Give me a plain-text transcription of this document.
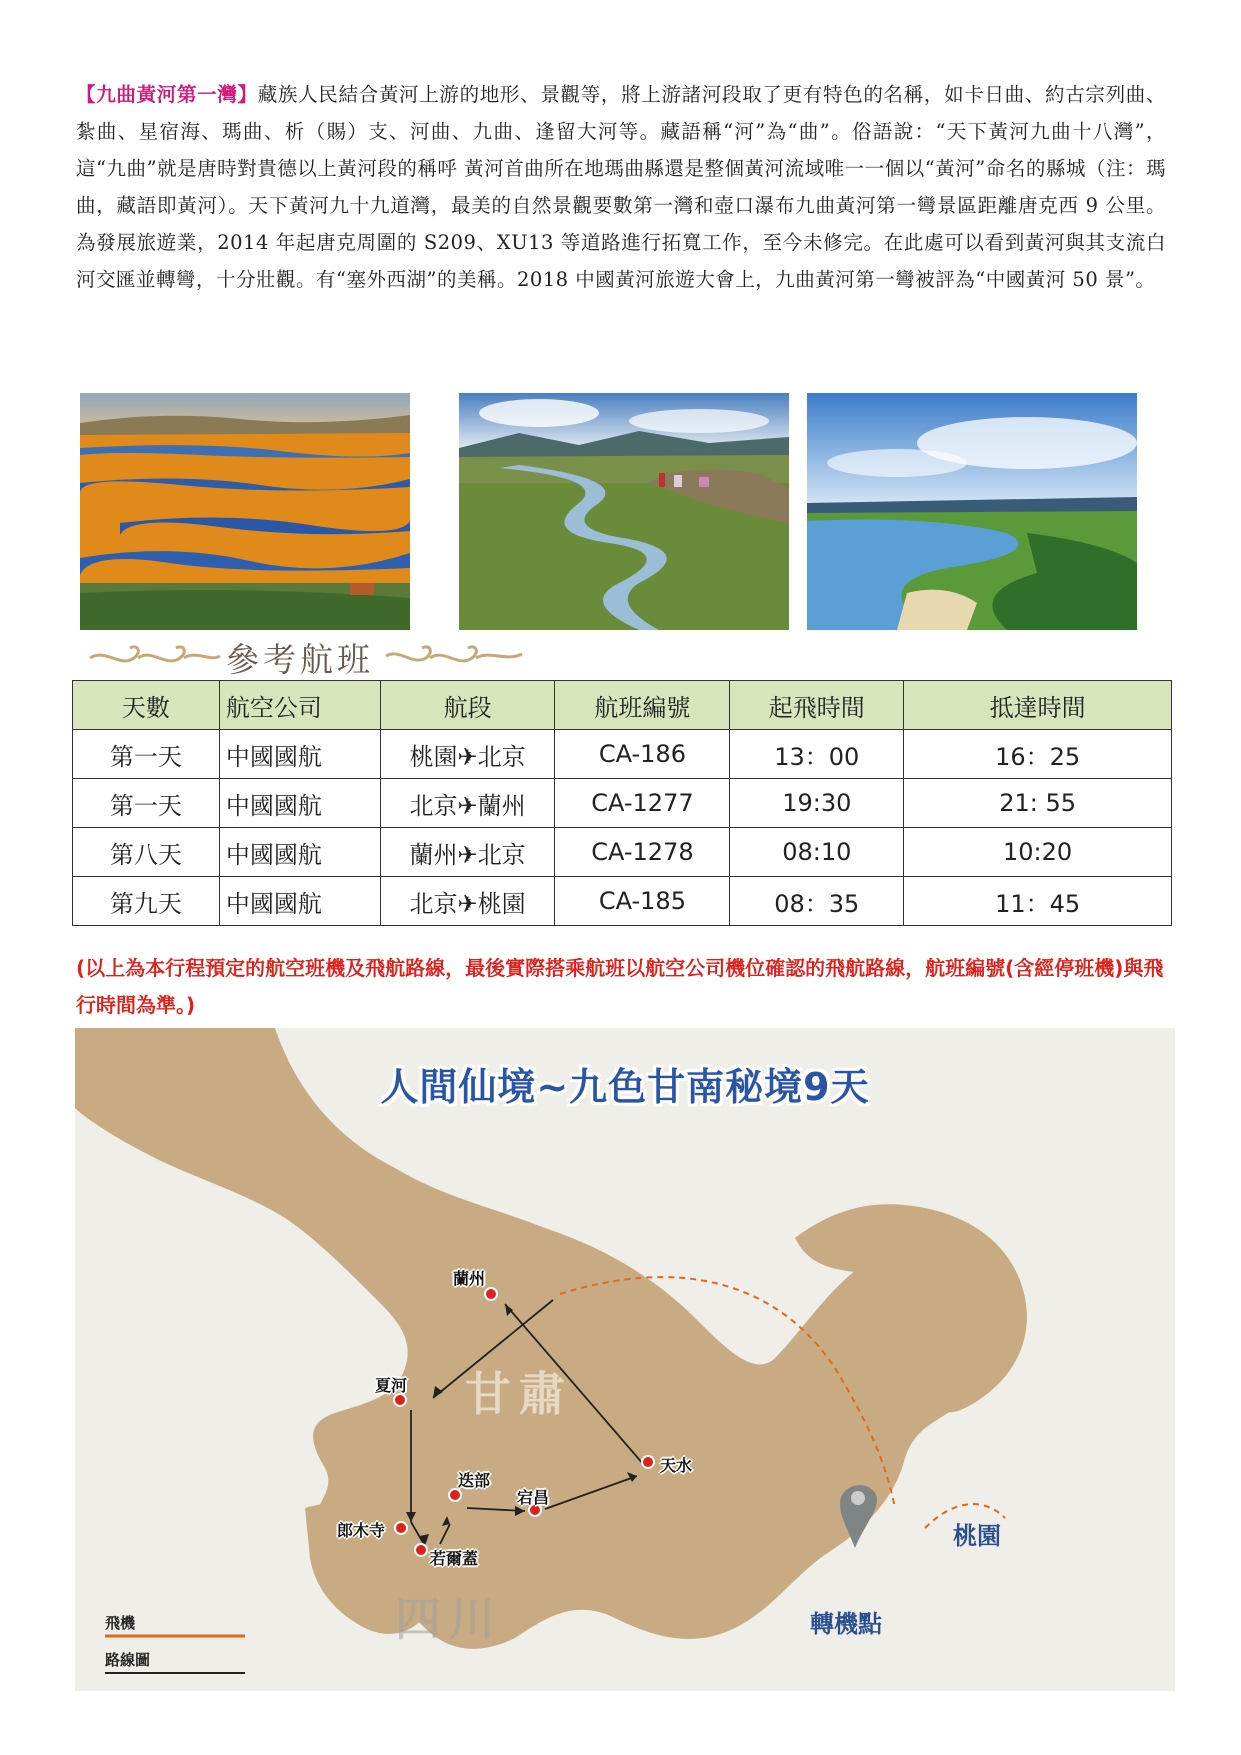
【九曲黃河第一灣】藏族人民結合黃河上游的地形、景觀等，將上游諸河段取了更有特色的名稱，如卡日曲、約古宗列曲、紮曲、星宿海、瑪曲、析（賜）支、河曲、九曲、逢留大河等。藏語稱“河”為“曲”。俗語說：“天下黃河九曲十八灣”，這“九曲”就是唐時對貴德以上黃河段的稱呼 黃河首曲所在地瑪曲縣還是整個黃河流域唯一一個以“黃河”命名的縣城（注：瑪曲，藏語即黃河）。天下黃河九十九道灣，最美的自然景觀要數第一灣和壺口瀑布九曲黃河第一彎景區距離唐克西 9 公里。為發展旅遊業，2014 年起唐克周圍的 S209、XU13 等道路進行拓寬工作，至今未修完。在此處可以看到黃河與其支流白河交匯並轉彎，十分壯觀。有“塞外西湖”的美稱。2018 中國黃河旅遊大會上，九曲黃河第一彎被評為“中國黃河 50 景”。
參考航班
天數	航空公司	航段	航班編號	起飛時間	抵達時間
第一天	中國國航	桃園✈北京	CA-186	13：00	16：25
第一天	中國國航	北京✈蘭州	CA-1277	19:30	21: 55
第八天	中國國航	蘭州✈北京	CA-1278	08:10	10:20
第九天	中國國航	北京✈桃園	CA-185	08：35	11：45
(以上為本行程預定的航空班機及飛航路線，最後實際搭乘航班以航空公司機位確認的飛航路線，航班編號(含經停班機)與飛行時間為準。)
人間仙境~九色甘南秘境9天
甘肅
四川
蘭州
夏河
天水
迭部
宕昌
郎木寺
若爾蓋
轉機點
桃園
飛機
路線圖
